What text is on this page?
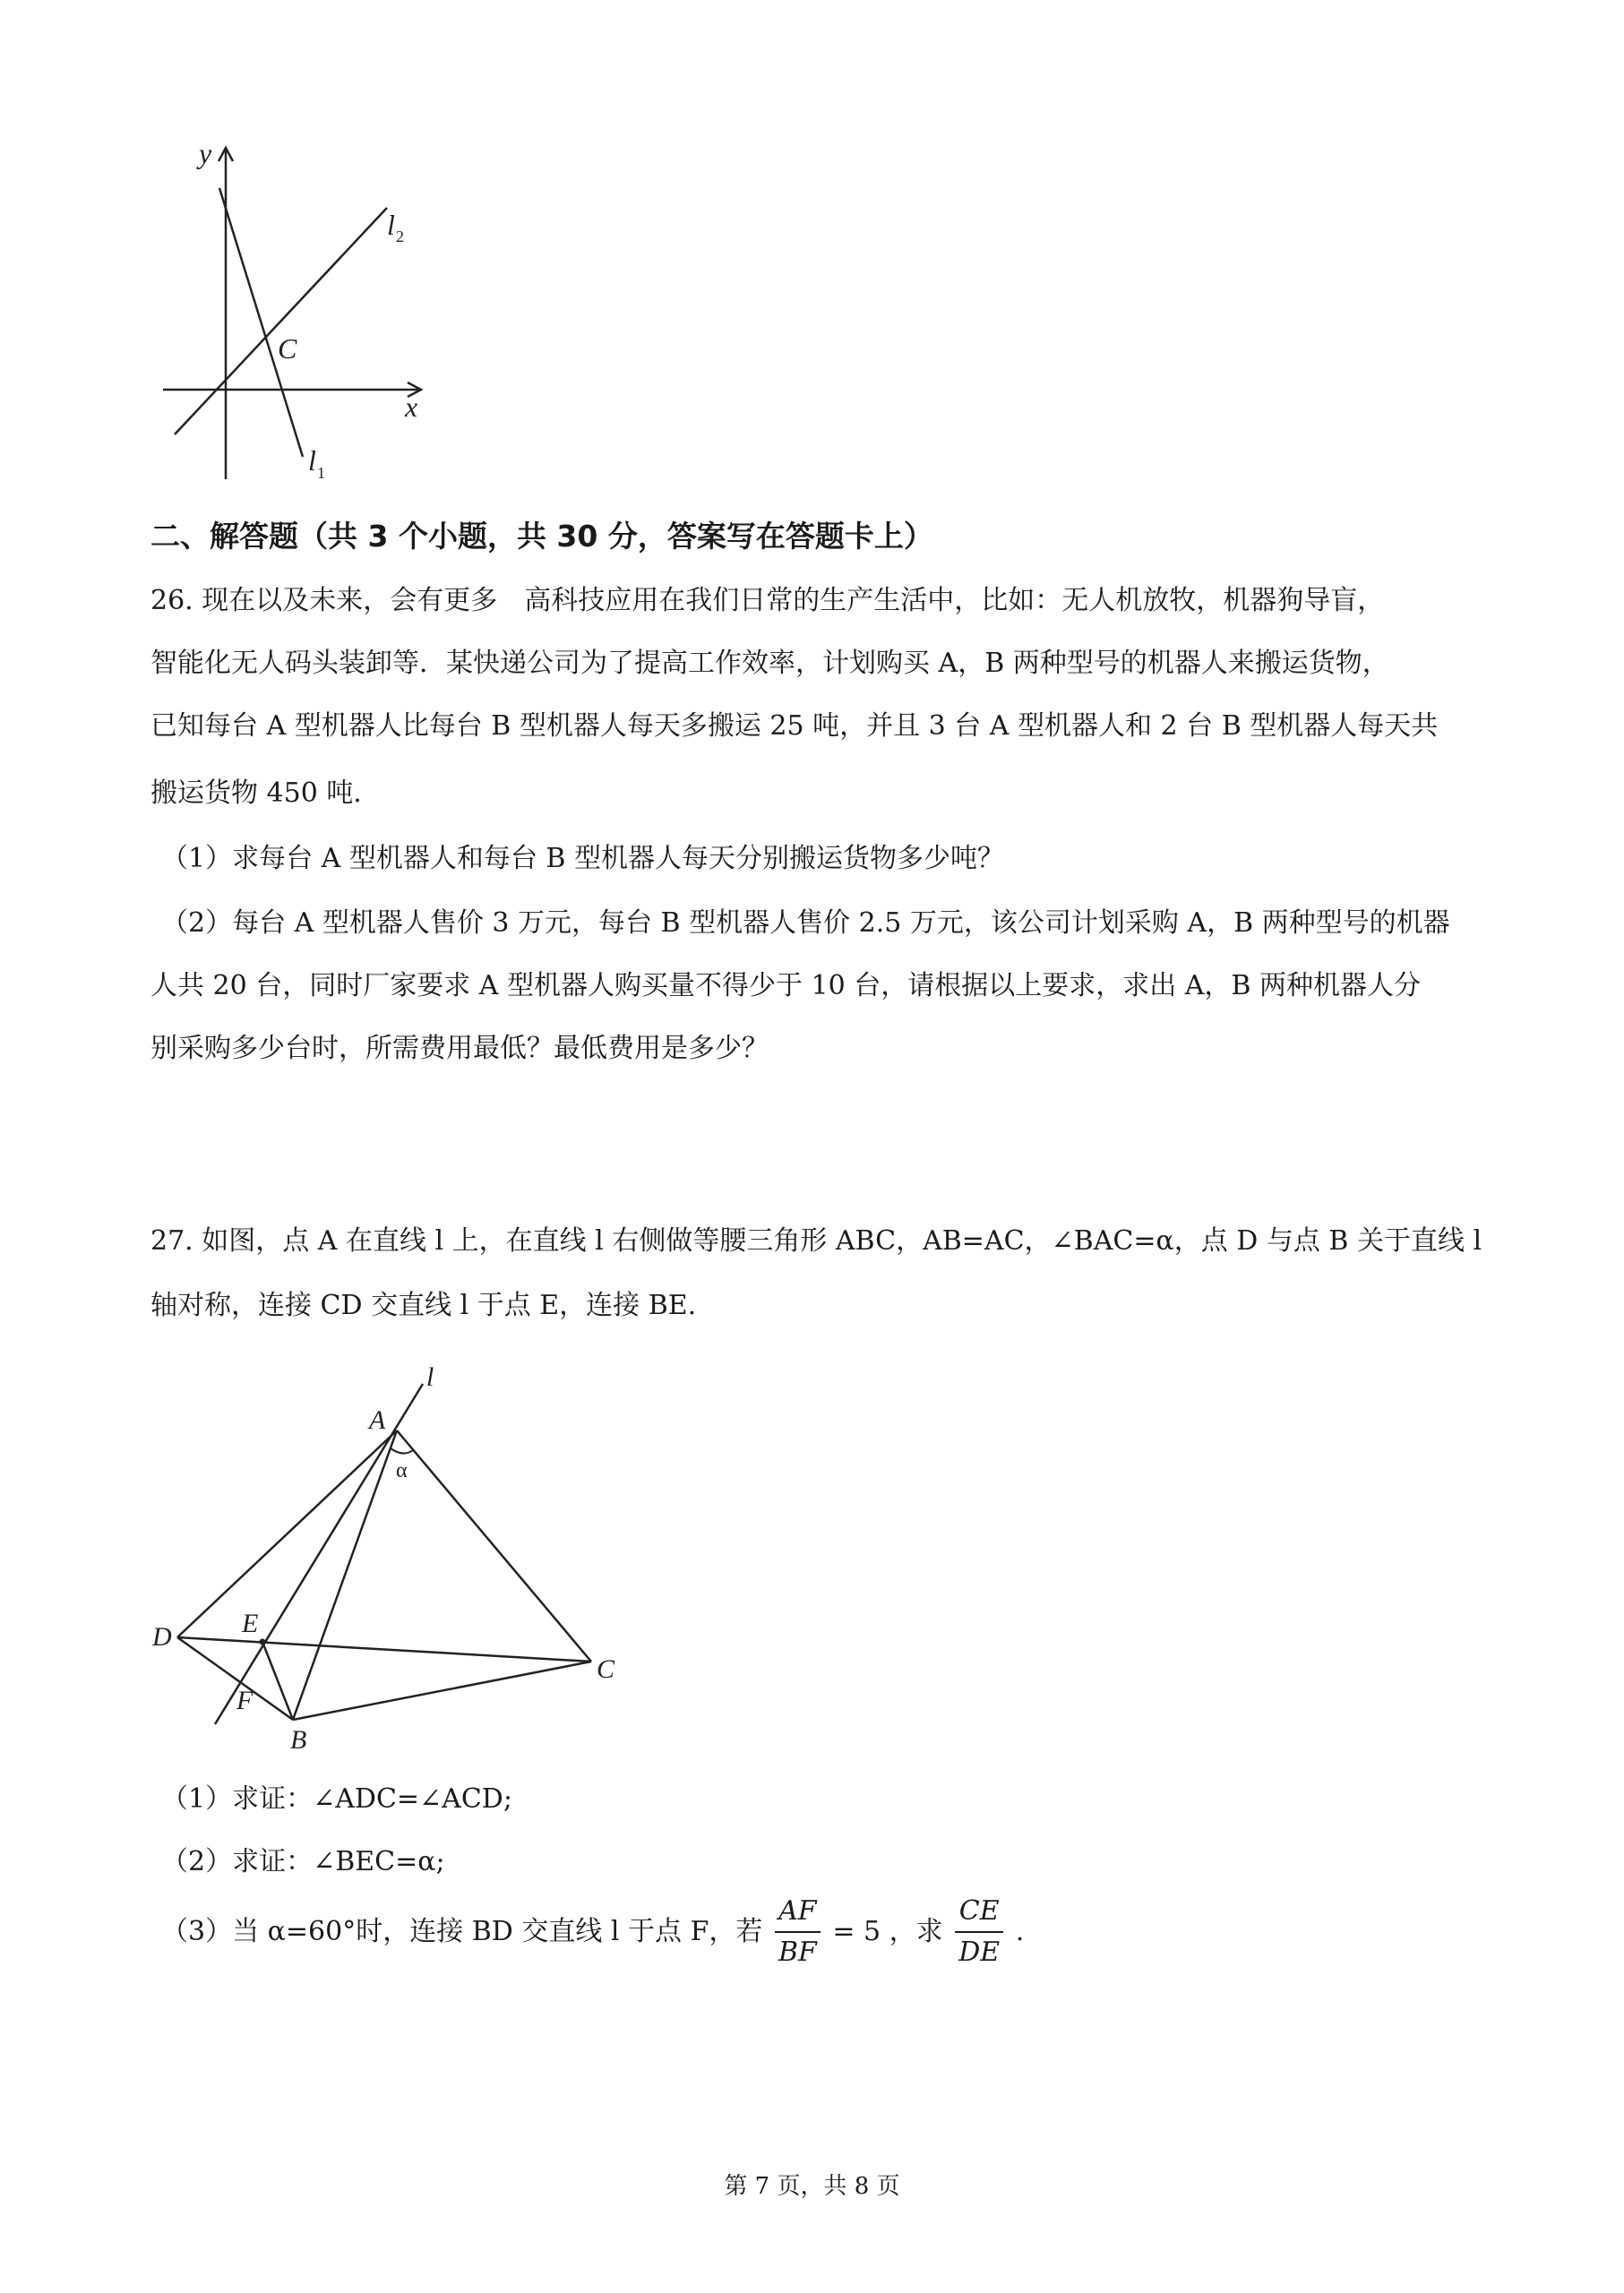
y
x
l 2
l 1
C
二、解答题（共 3 个小题，共 30 分，答案写在答题卡上）
26. 现在以及未来，会有更多　高科技应用在我们日常的生产生活中，比如：无人机放牧，机器狗导盲，
智能化无人码头装卸等．某快递公司为了提高工作效率，计划购买 A，B 两种型号的机器人来搬运货物，
已知每台 A 型机器人比每台 B 型机器人每天多搬运 25 吨，并且 3 台 A 型机器人和 2 台 B 型机器人每天共
搬运货物 450 吨．
（1）求每台 A 型机器人和每台 B 型机器人每天分别搬运货物多少吨？
（2）每台 A 型机器人售价 3 万元，每台 B 型机器人售价 2.5 万元，该公司计划采购 A，B 两种型号的机器
人共 20 台，同时厂家要求 A 型机器人购买量不得少于 10 台，请根据以上要求，求出 A，B 两种机器人分
别采购多少台时，所需费用最低？最低费用是多少？
27. 如图，点 A 在直线 l 上，在直线 l 右侧做等腰三角形 ABC，AB=AC，∠BAC=α，点 D 与点 B 关于直线 l
轴对称，连接 CD 交直线 l 于点 E，连接 BE.
l
A
α
D	E
F
B
C
（1）求证：∠ADC=∠ACD;
（2）求证：∠BEC=α;
（3）当 α=60°时，连接 BD 交直线 l 于点 F，若 $\frac{AF}{BF} = 5$ ，求 $\frac{CE}{DE}$ .
第 7 页，共 8 页
